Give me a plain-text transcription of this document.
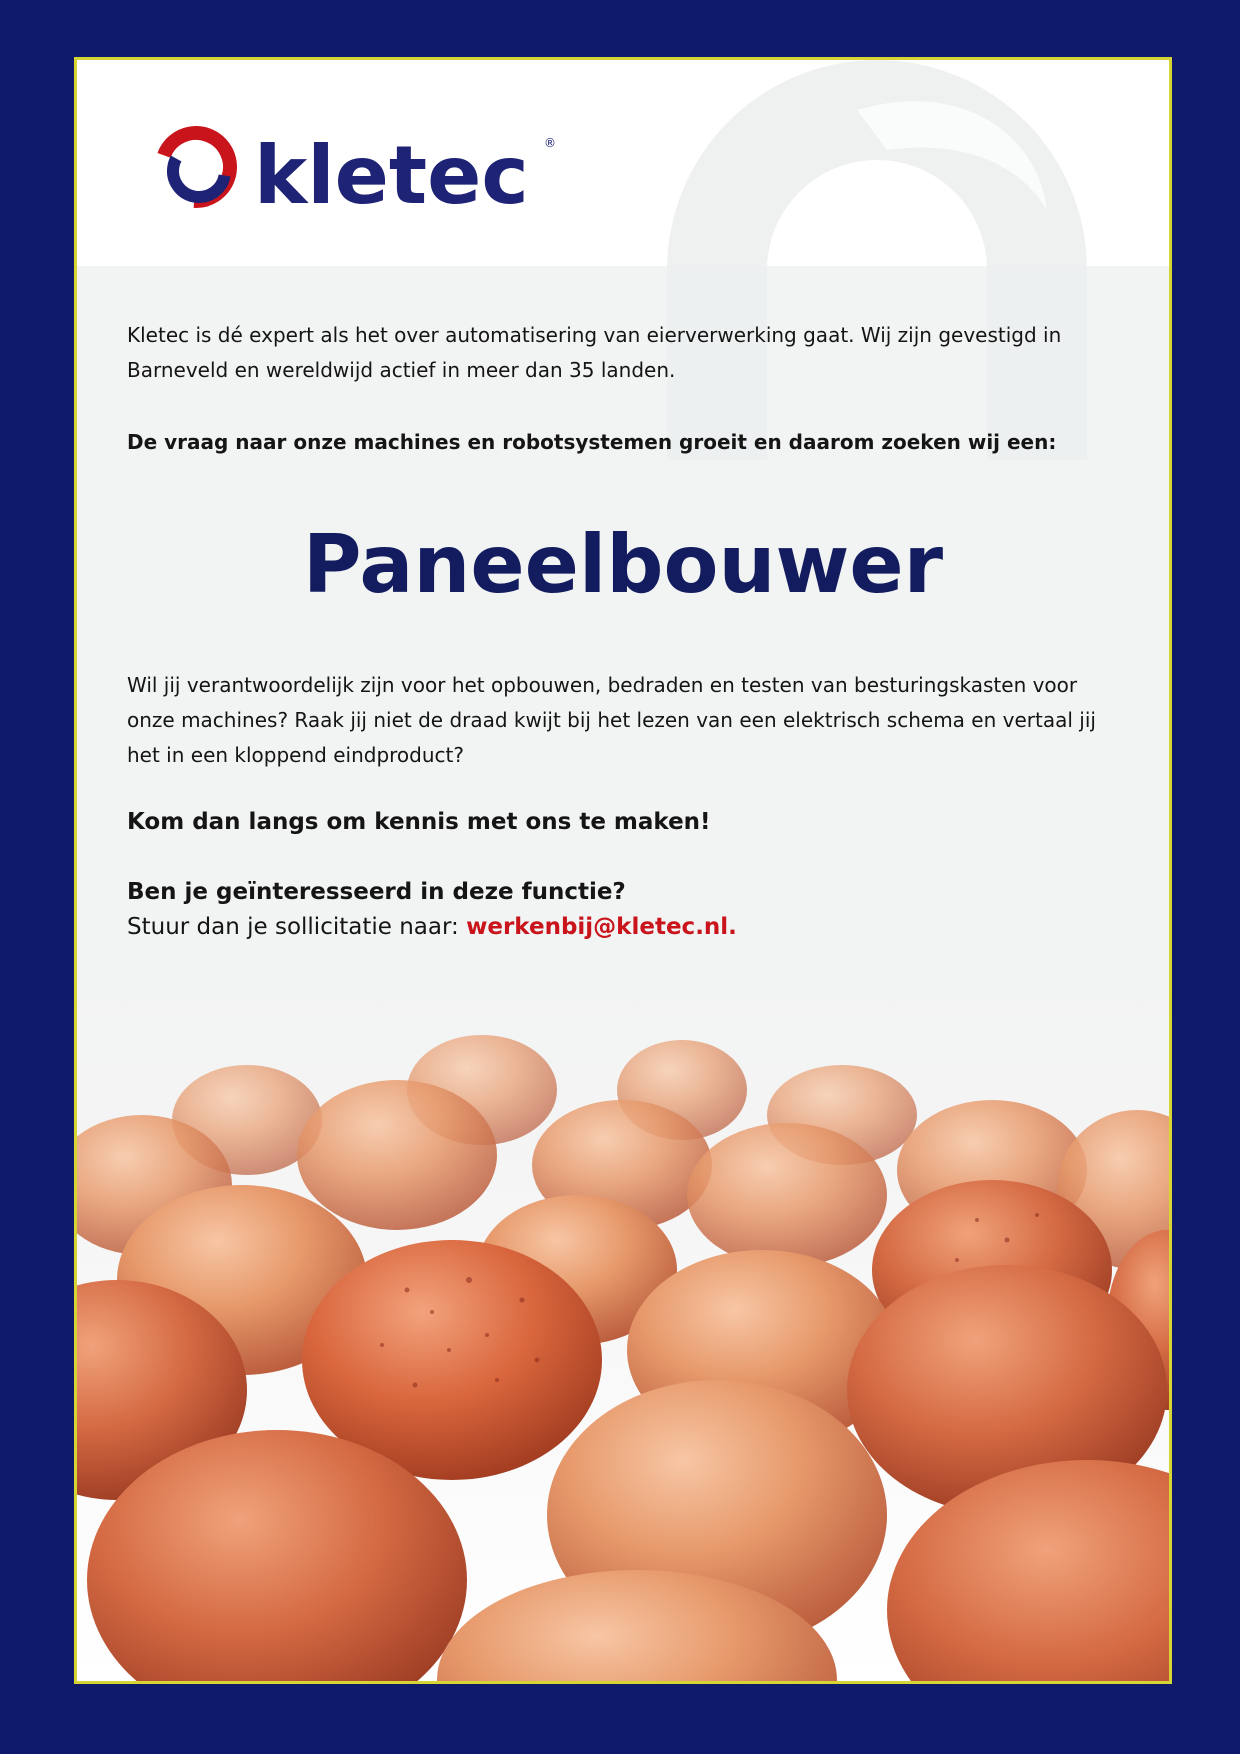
kletec ®
Kletec is dé expert als het over automatisering van eierverwerking gaat. Wij zijn gevestigd in Barneveld en wereldwijd actief in meer dan 35 landen.
De vraag naar onze machines en robotsystemen groeit en daarom zoeken wij een:
Paneelbouwer
Wil jij verantwoordelijk zijn voor het opbouwen, bedraden en testen van besturingskasten voor onze machines? Raak jij niet de draad kwijt bij het lezen van een elektrisch schema en vertaal jij het in een kloppend eindproduct?
Kom dan langs om kennis met ons te maken!
Ben je geïnteresseerd in deze functie?
Stuur dan je sollicitatie naar: werkenbij@kletec.nl.
